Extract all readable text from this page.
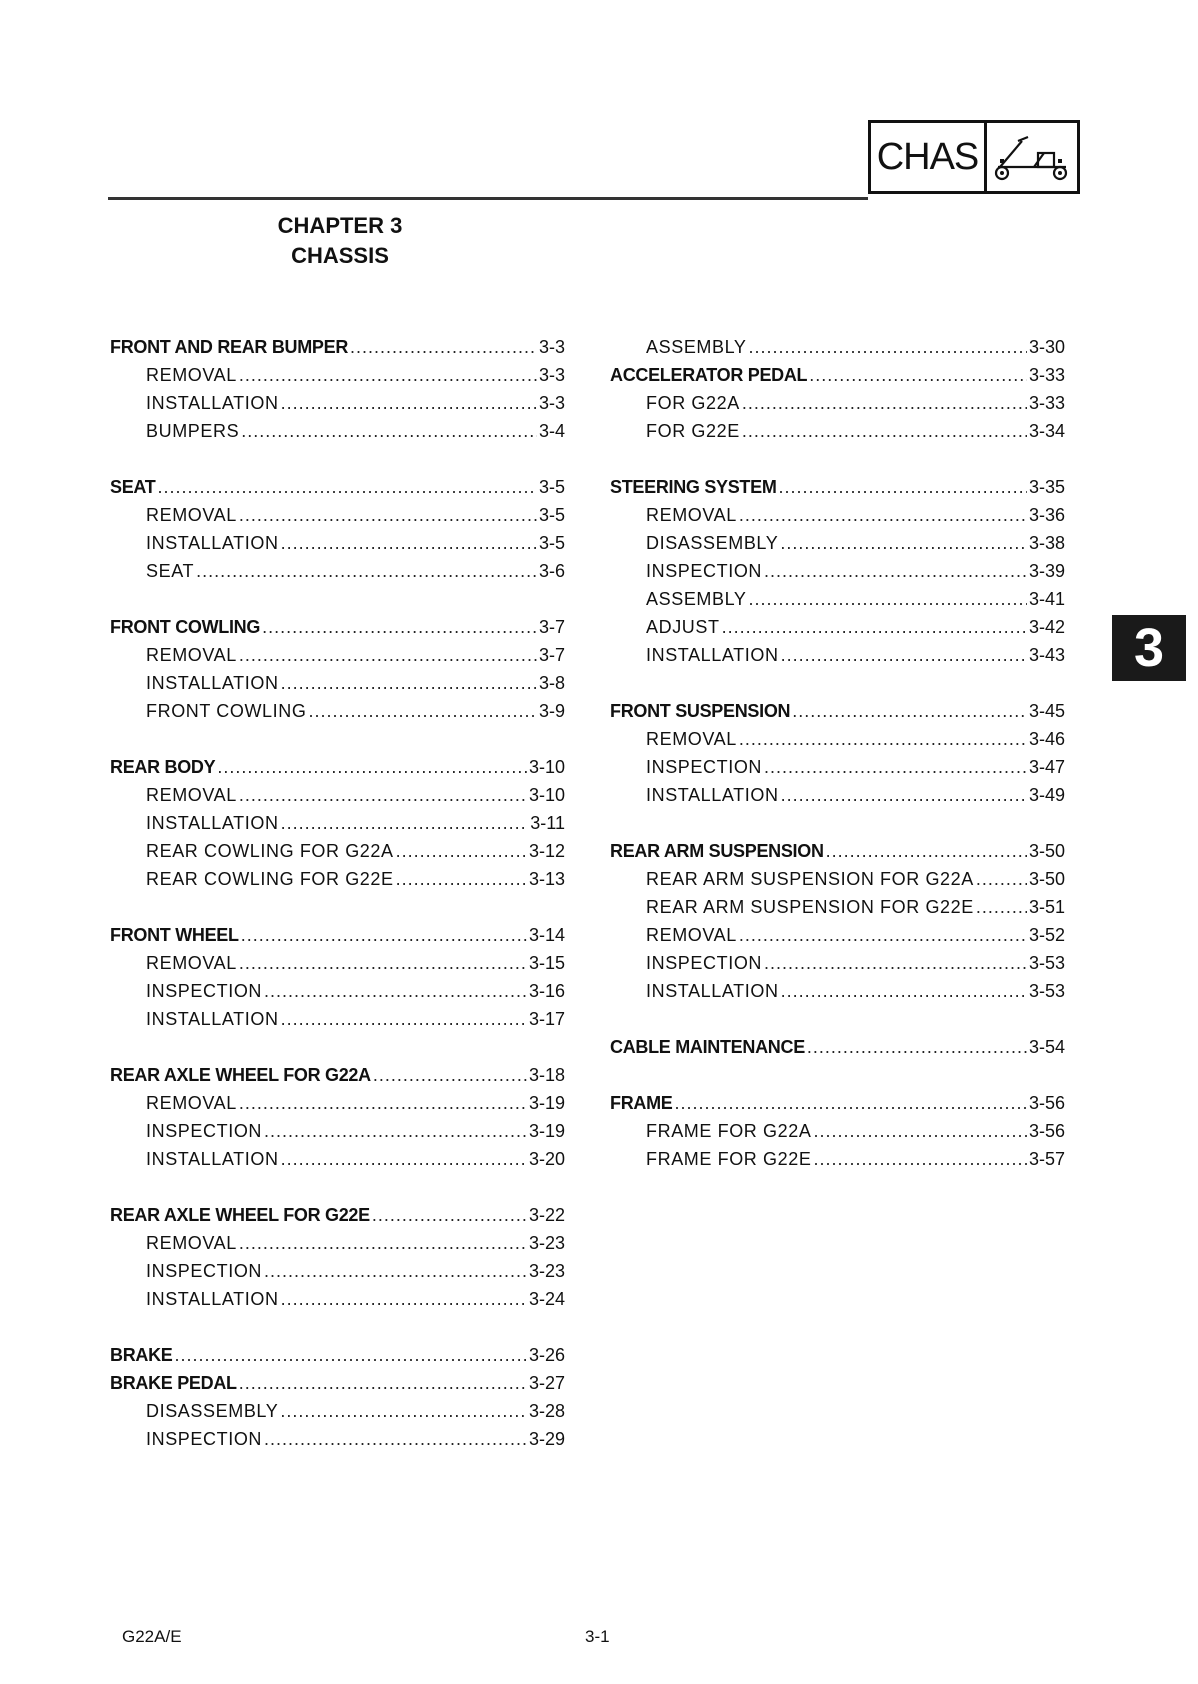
CHAS
CHAPTER 3
CHASSIS
FRONT AND REAR BUMPER .....	3-3
REMOVAL .....	3-3
INSTALLATION .....	3-3
BUMPERS .....	3-4
SEAT .....	3-5
REMOVAL .....	3-5
INSTALLATION .....	3-5
SEAT .....	3-6
FRONT COWLING .....	3-7
REMOVAL .....	3-7
INSTALLATION .....	3-8
FRONT COWLING .....	3-9
REAR BODY .....	3-10
REMOVAL .....	3-10
INSTALLATION .....	3-11
REAR COWLING FOR G22A .....	3-12
REAR COWLING FOR G22E .....	3-13
FRONT WHEEL .....	3-14
REMOVAL .....	3-15
INSPECTION .....	3-16
INSTALLATION .....	3-17
REAR AXLE WHEEL FOR G22A .....	3-18
REMOVAL .....	3-19
INSPECTION .....	3-19
INSTALLATION .....	3-20
REAR AXLE WHEEL FOR G22E .....	3-22
REMOVAL .....	3-23
INSPECTION .....	3-23
INSTALLATION .....	3-24
BRAKE .....	3-26
BRAKE PEDAL .....	3-27
DISASSEMBLY .....	3-28
INSPECTION .....	3-29
ASSEMBLY .....	3-30
ACCELERATOR PEDAL .....	3-33
FOR G22A .....	3-33
FOR G22E .....	3-34
STEERING SYSTEM .....	3-35
REMOVAL .....	3-36
DISASSEMBLY .....	3-38
INSPECTION .....	3-39
ASSEMBLY .....	3-41
ADJUST .....	3-42
INSTALLATION .....	3-43
FRONT SUSPENSION .....	3-45
REMOVAL .....	3-46
INSPECTION .....	3-47
INSTALLATION .....	3-49
REAR ARM SUSPENSION .....	3-50
REAR ARM SUSPENSION FOR G22A .....	3-50
REAR ARM SUSPENSION FOR G22E .....	3-51
REMOVAL .....	3-52
INSPECTION .....	3-53
INSTALLATION .....	3-53
CABLE MAINTENANCE .....	3-54
FRAME .....	3-56
FRAME FOR G22A .....	3-56
FRAME FOR G22E .....	3-57
3
G22A/E	3-1
